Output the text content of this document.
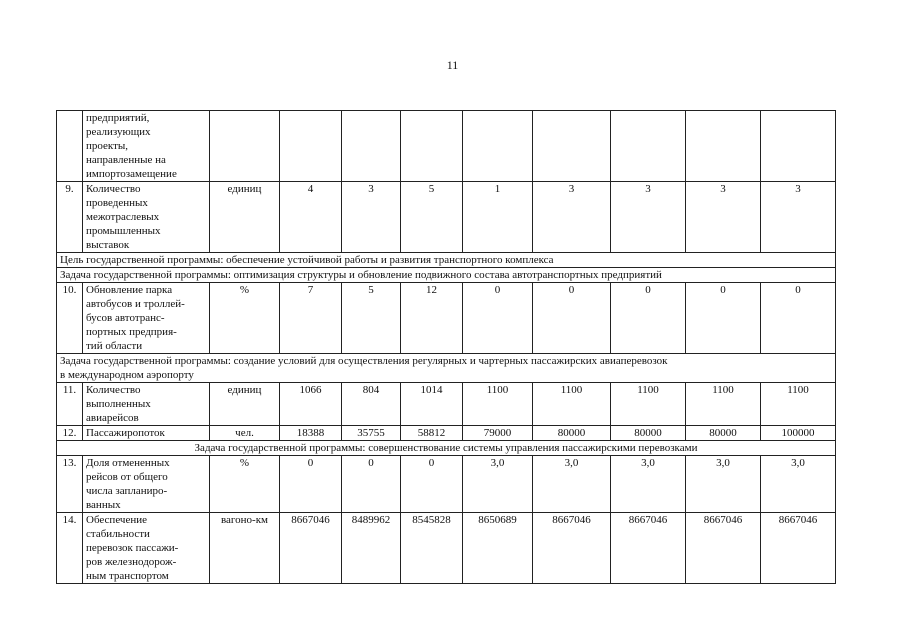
11

	предприятий,
реализующих
проекты,
направленные на
импортозамещение									

9.	Количество
проведенных
межотраслевых
промышленных
выставок	единиц	4	3	5	1	3	3	3	3

Цель государственной программы: обеспечение устойчивой работы и развития транспортного комплекса										

Задача государственной программы: оптимизация структуры и обновление подвижного состава автотранспортных предприятий										

10.	Обновление парка
автобусов и троллей-
бусов автотранс-
портных предприя-
тий области	%	7	5	12	0	0	0	0	0

Задача государственной программы: создание условий для осуществления регулярных и чартерных пассажирских авиаперевозок
в международном аэропорту										

11.	Количество
выполненных
авиарейсов	единиц	1066	804	1014	1100	1100	1100	1100	1100
12.	Пассажиропоток	чел.	18388	35755	58812	79000	80000	80000	80000	100000

Задача государственной программы: совершенствование системы управления пассажирскими перевозками										

13.	Доля отмененных
рейсов от общего
числа запланиро-
ванных	%	0	0	0	3,0	3,0	3,0	3,0	3,0
14.	Обеспечение
стабильности
перевозок пассажи-
ров железнодорож-
ным транспортом	вагоно-км	8667046	8489962	8545828	8650689	8667046	8667046	8667046	8667046
